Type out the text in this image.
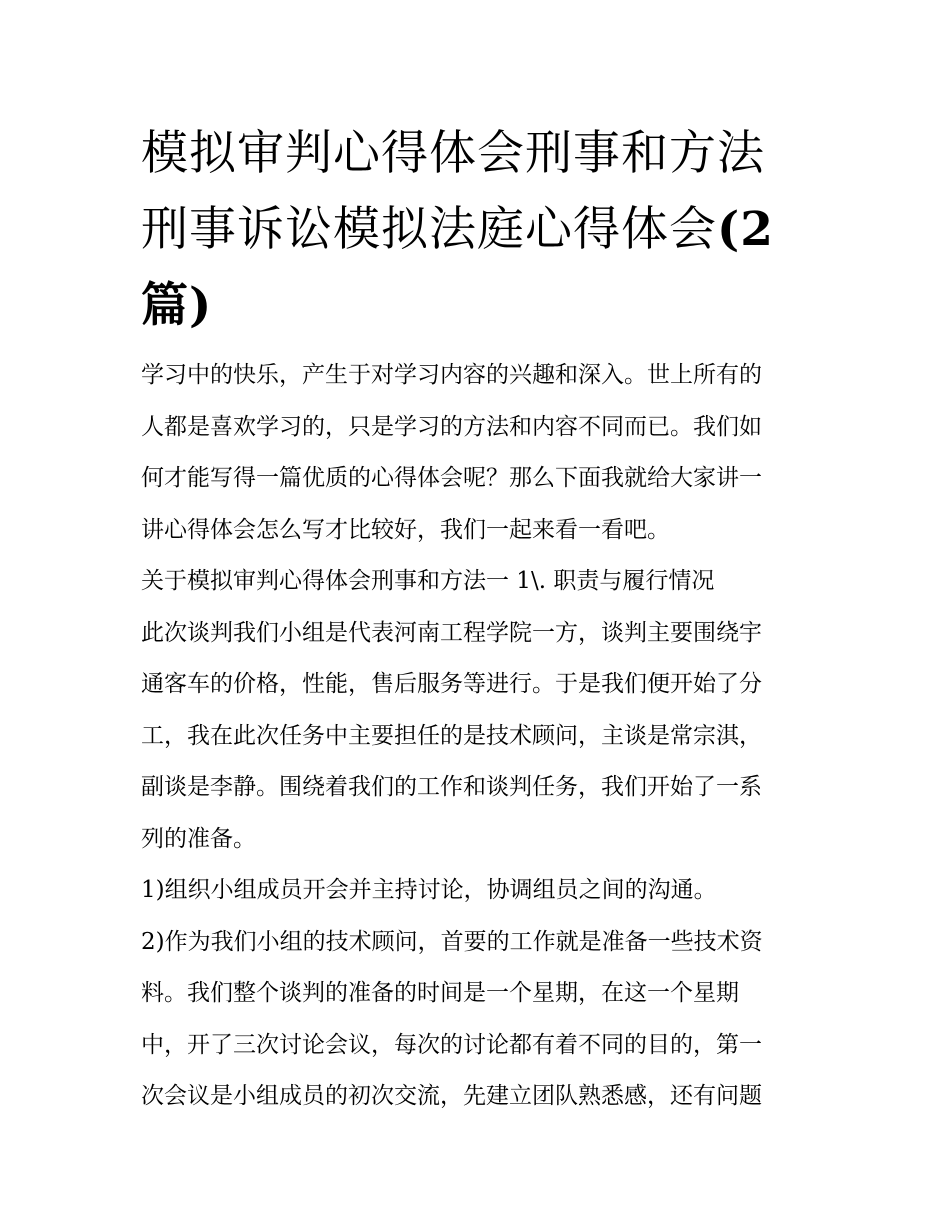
模拟审判心得体会刑事和方法
刑事诉讼模拟法庭心得体会(2
篇)

学习中的快乐，产生于对学习内容的兴趣和深入。世上所有的
人都是喜欢学习的，只是学习的方法和内容不同而已。我们如
何才能写得一篇优质的心得体会呢？那么下面我就给大家讲一
讲心得体会怎么写才比较好，我们一起来看一看吧。

关于模拟审判心得体会刑事和方法一 1\. 职责与履行情况

此次谈判我们小组是代表河南工程学院一方，谈判主要围绕宇
通客车的价格，性能，售后服务等进行。于是我们便开始了分
工，我在此次任务中主要担任的是技术顾问，主谈是常宗淇，
副谈是李静。围绕着我们的工作和谈判任务，我们开始了一系
列的准备。

1)组织小组成员开会并主持讨论，协调组员之间的沟通。

2)作为我们小组的技术顾问，首要的工作就是准备一些技术资
料。我们整个谈判的准备的时间是一个星期，在这一个星期
中，开了三次讨论会议，每次的讨论都有着不同的目的，第一
次会议是小组成员的初次交流，先建立团队熟悉感，还有问题
